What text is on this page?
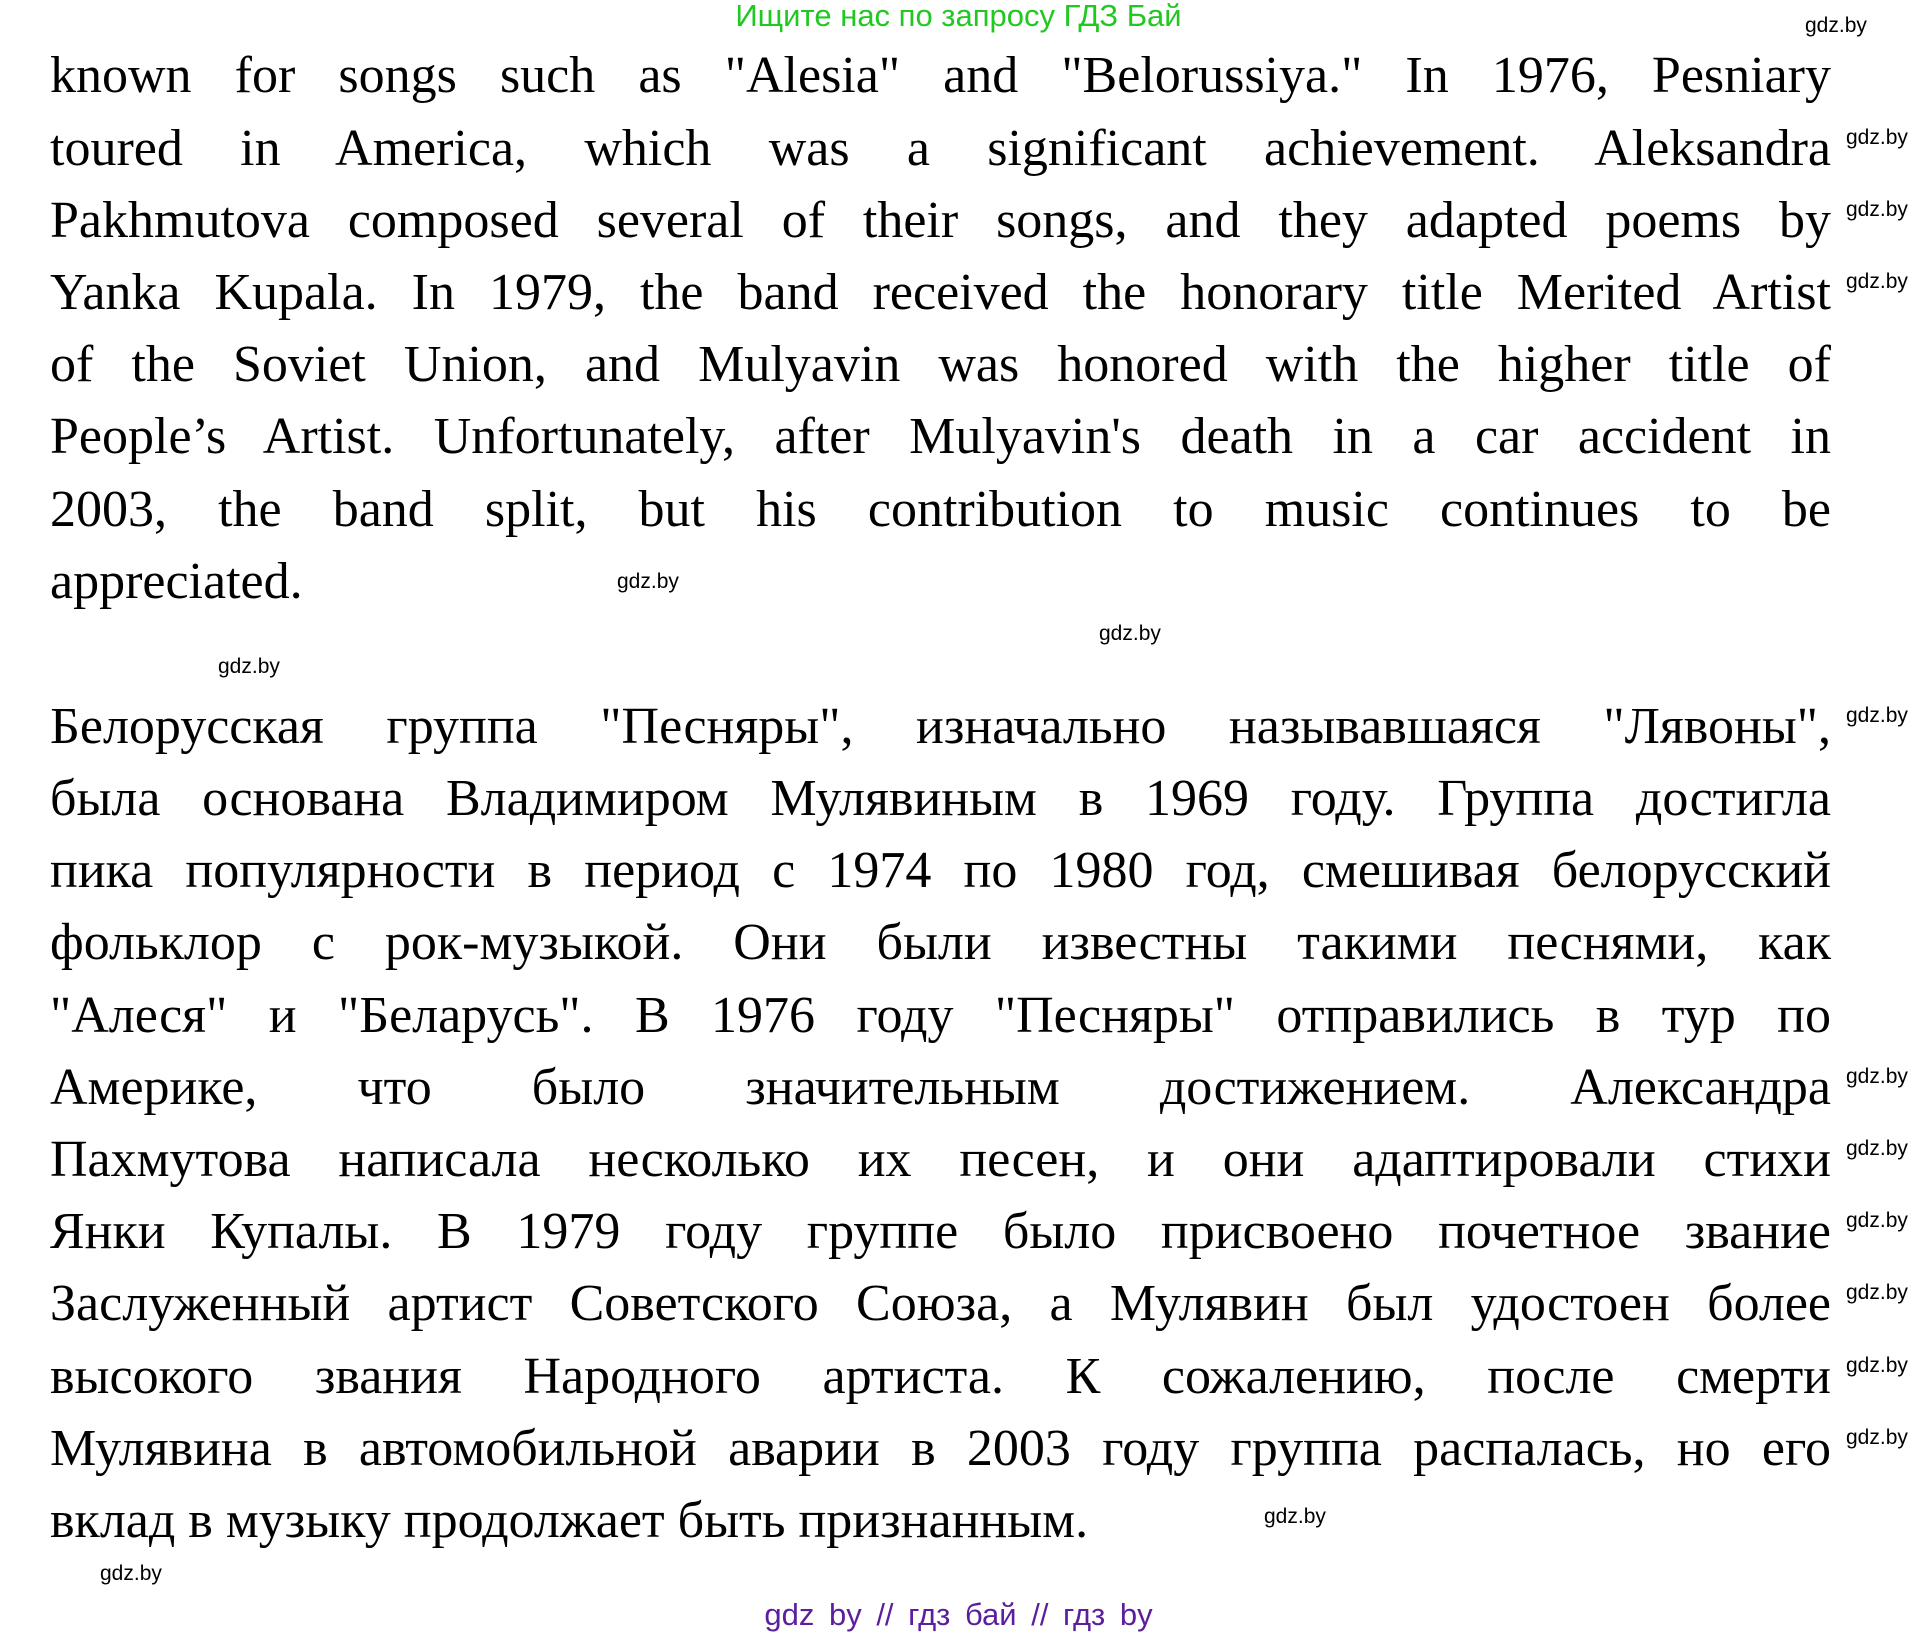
Ищите нас по запросу ГДЗ Бай
known for songs such as "Alesia" and "Belorussiya." In 1976, Pesniary
toured in America, which was a significant achievement. Aleksandra
Pakhmutova composed several of their songs, and they adapted poems by
Yanka Kupala. In 1979, the band received the honorary title Merited Artist
of the Soviet Union, and Mulyavin was honored with the higher title of
People’s Artist. Unfortunately, after Mulyavin's death in a car accident in
2003, the band split, but his contribution to music continues to be
appreciated.
Белорусская группа "Песняры", изначально называвшаяся "Лявоны",
была основана Владимиром Мулявиным в 1969 году. Группа достигла
пика популярности в период с 1974 по 1980 год, смешивая белорусский
фольклор с рок-музыкой. Они были известны такими песнями, как
"Алеся" и "Беларусь". В 1976 году "Песняры" отправились в тур по
Америке, что было значительным достижением. Александра
Пахмутова написала несколько их песен, и они адаптировали стихи
Янки Купалы. В 1979 году группе было присвоено почетное звание
Заслуженный артист Советского Союза, а Мулявин был удостоен более
высокого звания Народного артиста. К сожалению, после смерти
Мулявина в автомобильной аварии в 2003 году группа распалась, но его
вклад в музыку продолжает быть признанным.
gdz.by
gdz.by
gdz.by
gdz.by
gdz.by
gdz.by
gdz.by
gdz.by
gdz.by
gdz.by
gdz.by
gdz.by
gdz.by
gdz.by
gdz.by
gdz.by
gdz by // гдз бай // гдз by
